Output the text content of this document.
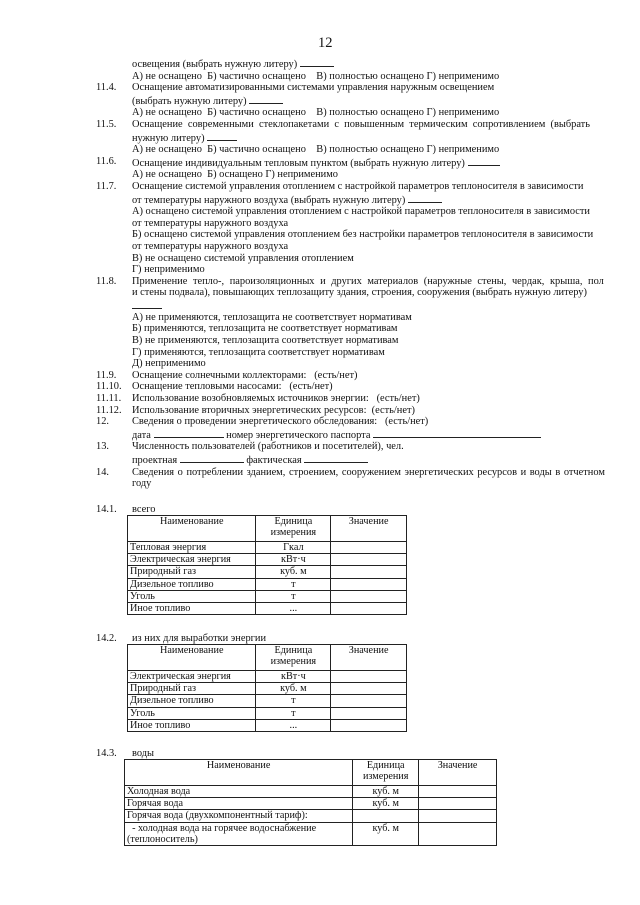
12
освещения (выбрать нужную литеру)
А) не оснащено  Б) частично оснащено    В) полностью оснащено Г) неприменимо
11.4. Оснащение автоматизированными системами управления наружным освещением
(выбрать нужную литеру)
А) не оснащено  Б) частично оснащено    В) полностью оснащено Г) неприменимо
11.5. Оснащение современными стеклопакетами с повышенным термическим сопротивлением (выбрать
нужную литеру)
А) не оснащено  Б) частично оснащено    В) полностью оснащено Г) неприменимо
11.6. Оснащение индивидуальным тепловым пунктом (выбрать нужную литеру)
А) не оснащено  Б) оснащено Г) неприменимо
11.7. Оснащение системой управления отоплением с настройкой параметров теплоносителя в зависимости
от температуры наружного воздуха (выбрать нужную литеру)
А) оснащено системой управления отоплением с настройкой параметров теплоносителя в зависимости
от температуры наружного воздуха
Б) оснащено системой управления отоплением без настройки параметров теплоносителя в зависимости
от температуры наружного воздуха
В) не оснащено системой управления отоплением
Г) неприменимо
11.8. Применение тепло-, пароизоляционных и других материалов (наружные стены, чердак, крыша, пол
и стены подвала), повышающих теплозащиту здания, строения, сооружения (выбрать нужную литеру)
А) не применяются, теплозащита не соответствует нормативам
Б) применяются, теплозащита не соответствует нормативам
В) не применяются, теплозащита соответствует нормативам
Г) применяются, теплозащита соответствует нормативам
Д) неприменимо
11.9. Оснащение солнечными коллекторами:   (есть/нет)
11.10. Оснащение тепловыми насосами:   (есть/нет)
11.11. Использование возобновляемых источников энергии:   (есть/нет)
11.12. Использование вторичных энергетических ресурсов:  (есть/нет)
12. Сведения о проведении энергетического обследования:   (есть/нет)
дата	номер энергетического паспорта
13. Численность пользователей (работников и посетителей), чел.
проектная	фактическая
14. Сведения о потреблении зданием, строением, сооружением энергетических ресурсов и воды в отчетном
году
14.1. всего
Наименование	Единица измерения	Значение
Тепловая энергия	Гкал	
Электрическая энергия	кВт·ч	
Природный газ	куб. м	
Дизельное топливо	т	
Уголь	т	
Иное топливо	...	
14.2. из них для выработки энергии
Наименование	Единица измерения	Значение
Электрическая энергия	кВт·ч	
Природный газ	куб. м	
Дизельное топливо	т	
Уголь	т	
Иное топливо	...	
14.3. воды
Наименование	Единица измерения	Значение
Холодная вода	куб. м	
Горячая вода	куб. м	
Горячая вода (двухкомпонентный тариф):		
- холодная вода на горячее водоснабжение (теплоноситель)	куб. м	
